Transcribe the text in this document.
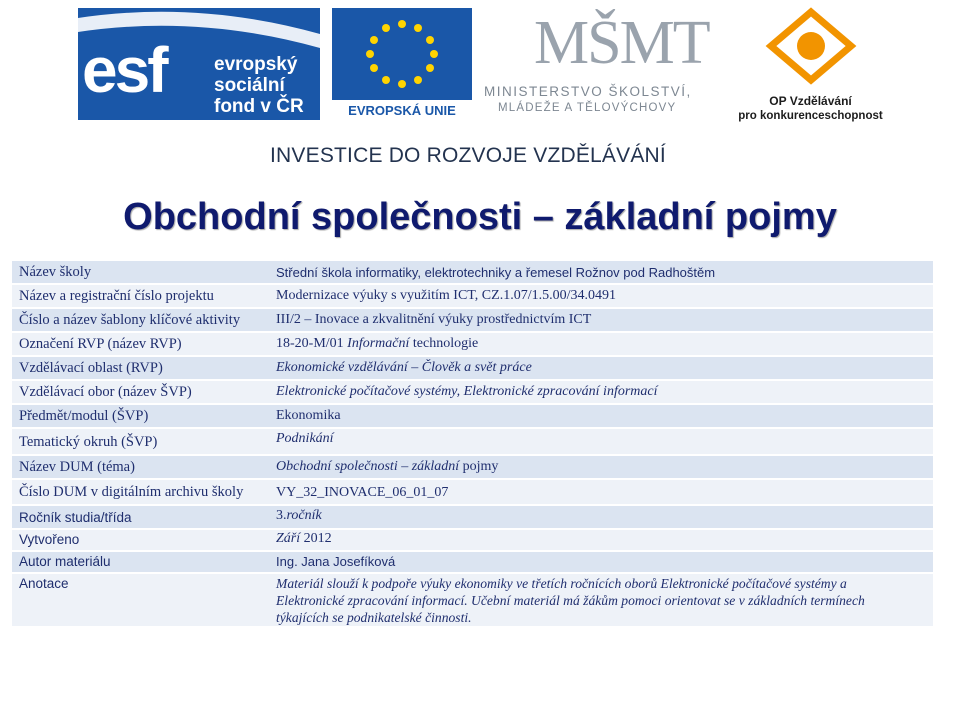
esf	evropský
sociální
fond v ČR	EVROPSKÁ UNIE
MŠMT
MINISTERSTVO ŠKOLSTVÍ,
MLÁDEŽE A TĚLOVÝCHOVY	OP Vzdělávání
pro konkurenceschopnost
INVESTICE DO ROZVOJE VZDĚLÁVÁNÍ
Obchodní společnosti – základní pojmy
Název školy	Střední škola informatiky, elektrotechniky a řemesel Rožnov pod Radhoštěm
Název a registrační číslo projektu	Modernizace výuky s využitím ICT, CZ.1.07/1.5.00/34.0491
Číslo a název šablony klíčové aktivity	III/2 – Inovace a zkvalitnění výuky prostřednictvím ICT
Označení RVP (název RVP)	18-20-M/01 Informační technologie
Vzdělávací oblast (RVP)	Ekonomické vzdělávání – Člověk a svět práce
Vzdělávací obor (název ŠVP)	Elektronické počítačové systémy, Elektronické zpracování informací
Předmět/modul (ŠVP)	Ekonomika
Tematický okruh (ŠVP)	Podnikání
Název DUM (téma)	Obchodní společnosti – základní pojmy
Číslo DUM v digitálním archivu školy VY_32_INOVACE_06_01_07
Ročník studia/třída	3.ročník
Vytvořeno	Září 2012
Autor materiálu	Ing. Jana Josefíková
Anotace	Materiál slouží k podpoře výuky ekonomiky ve třetích ročnících oborů Elektronické počítačové systémy a Elektronické zpracování informací. Učební materiál má žákům pomoci orientovat se v základních termínech týkajících se podnikatelské činnosti.
